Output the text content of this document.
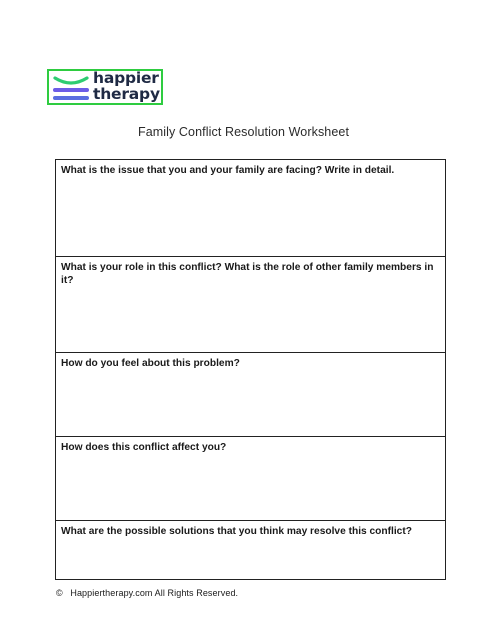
happier
therapy
Family Conflict Resolution Worksheet
What is the issue that you and your family are facing? Write in detail.
What is your role in this conflict? What is the role of other family members in it?
How do you feel about this problem?
How does this conflict affect you?
What are the possible solutions that you think may resolve this conflict?
© Happiertherapy.com All Rights Reserved.
